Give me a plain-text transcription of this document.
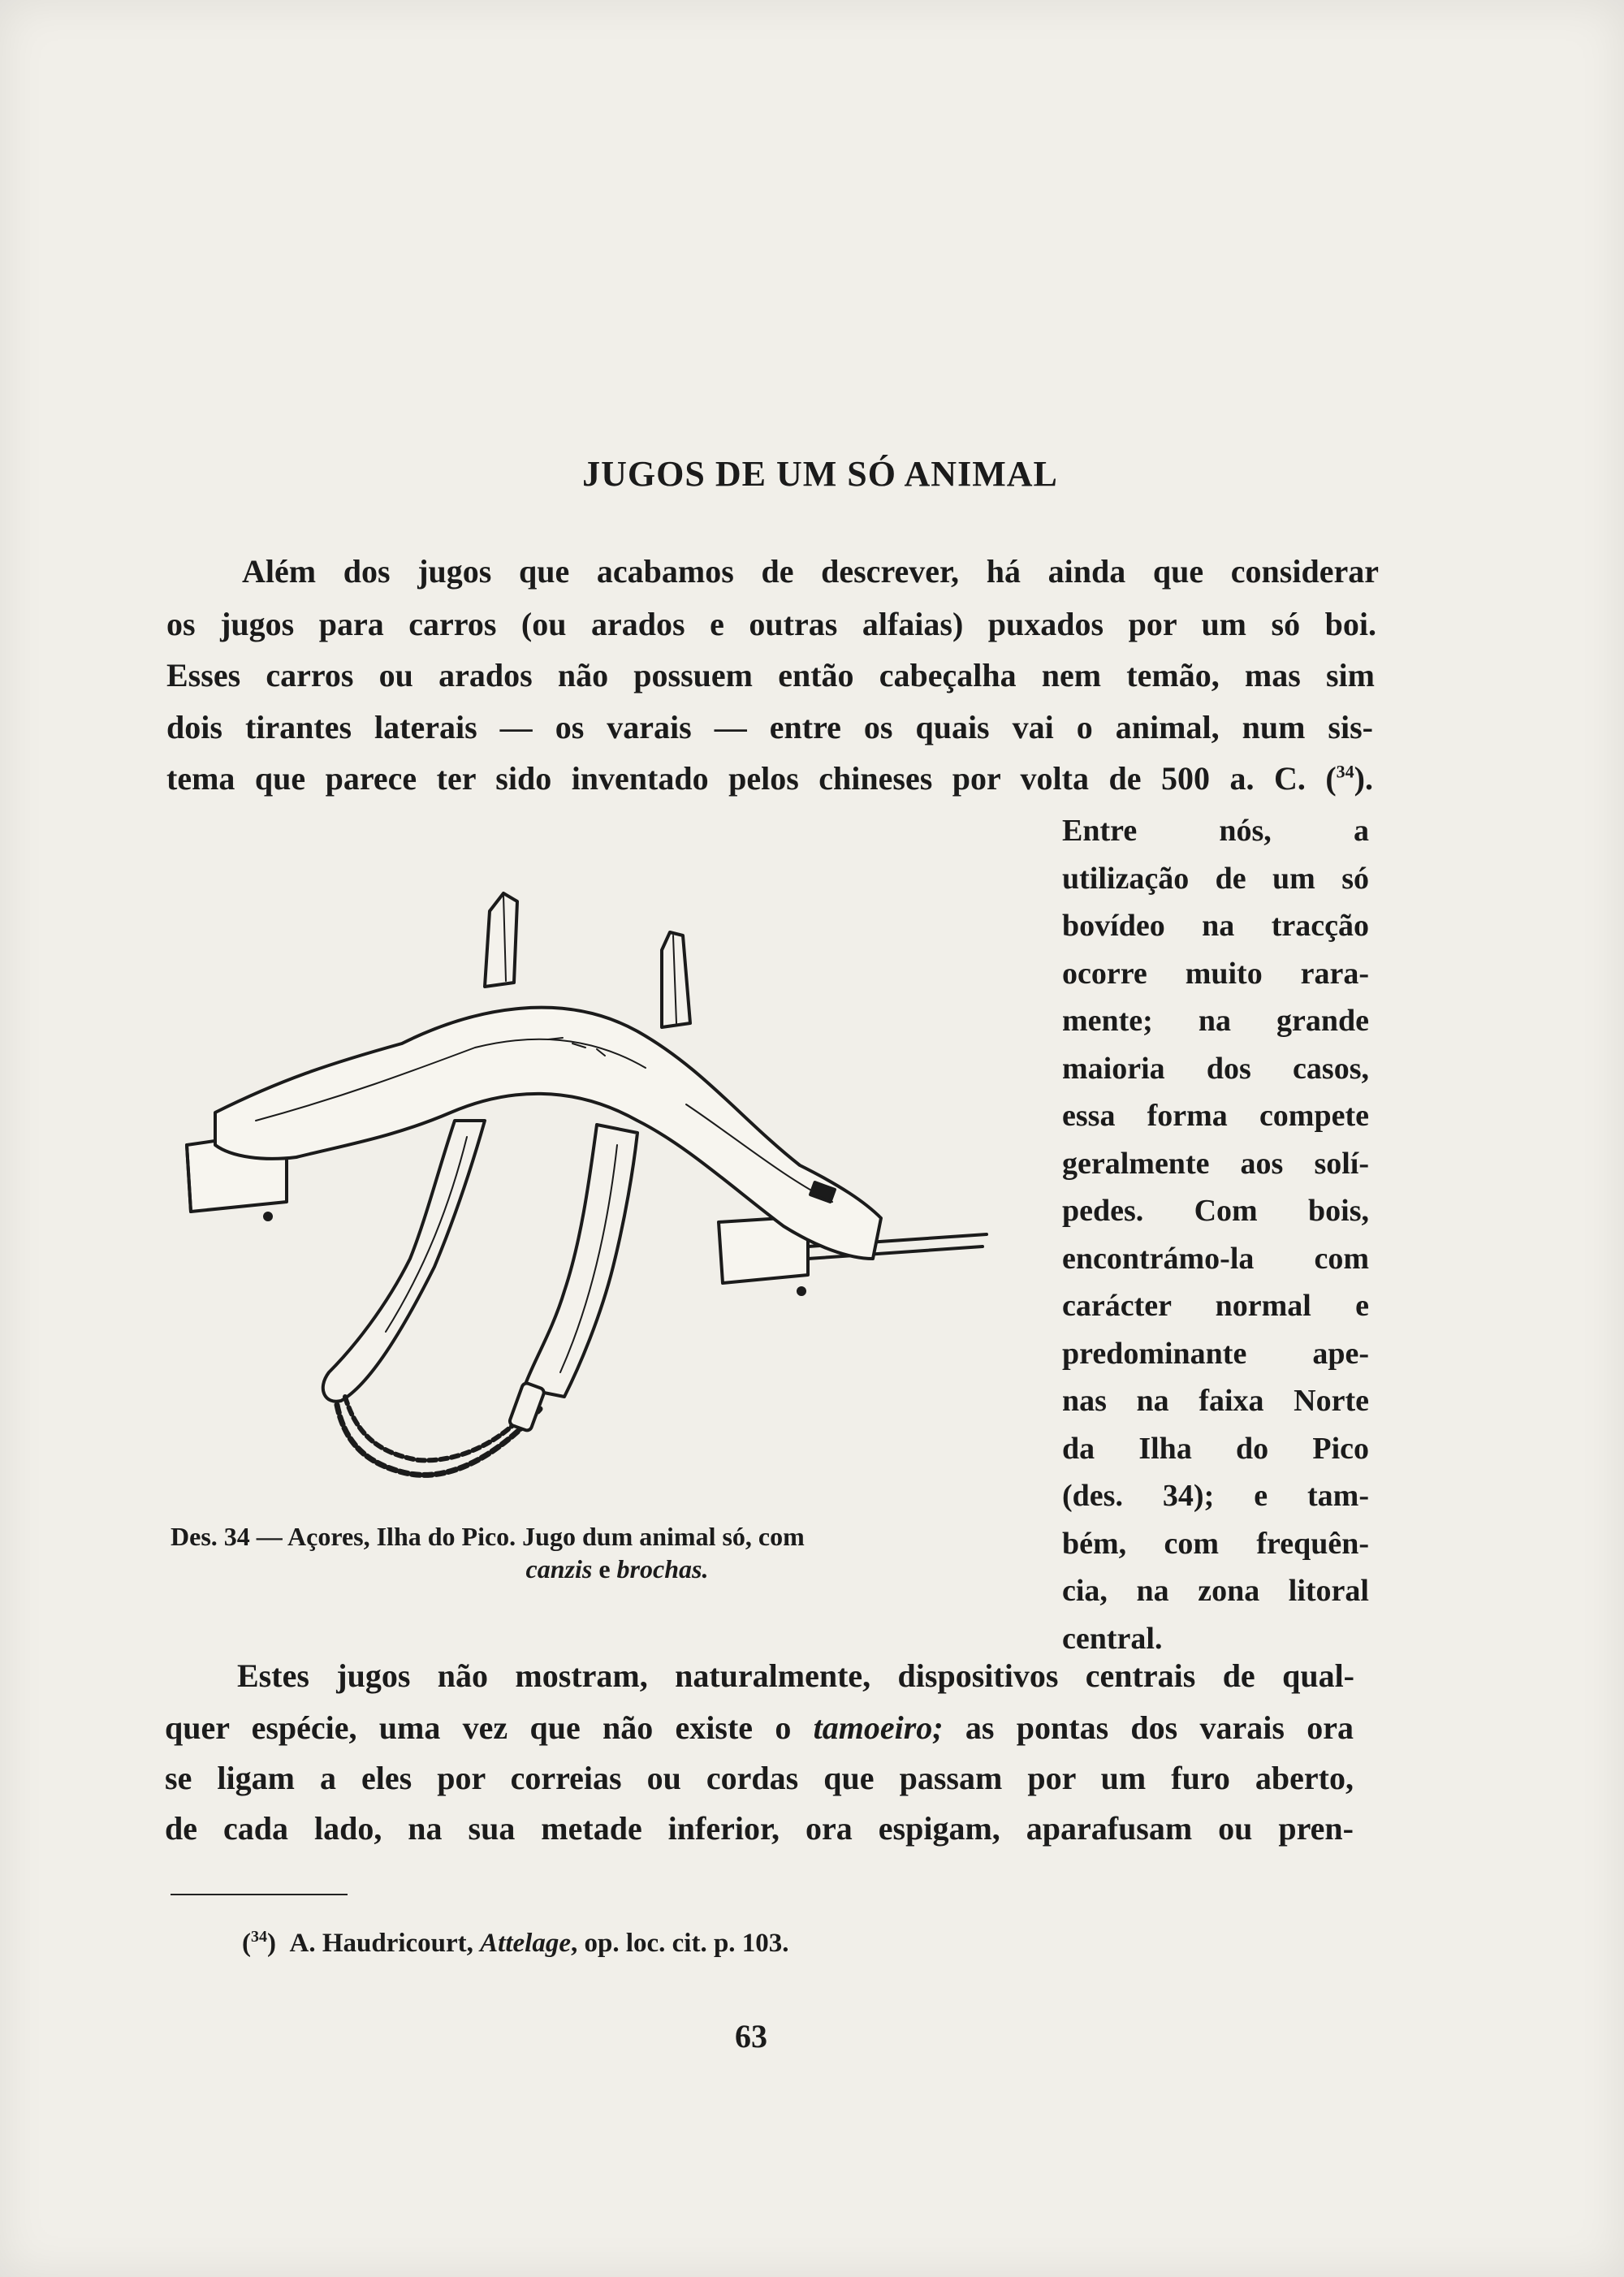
JUGOS DE UM SÓ ANIMAL
Além dos jugos que acabamos de descrever, há ainda que considerar
os jugos para carros (ou arados e outras alfaias) puxados por um só boi.
Esses carros ou arados não possuem então cabeçalha nem temão, mas sim
dois tirantes laterais — os varais — entre os quais vai o animal, num sis-
tema que parece ter sido inventado pelos chineses por volta de 500 a. C. ($^{34}$).
Entre nós, a
utilização de um só
bovídeo na tracção
ocorre muito rara-
mente; na grande
maioria dos casos,
essa forma compete
geralmente aos solí-
pedes. Com bois,
encontrámo-la com
carácter normal e
predominante ape-
nas na faixa Norte
da Ilha do Pico
(des. 34); e tam-
bém, com frequên-
cia, na zona litoral
central.
Des. 34 — Açores, Ilha do Pico. Jugo dum animal só, com
canzis e brochas.
Estes jugos não mostram, naturalmente, dispositivos centrais de qual-
quer espécie, uma vez que não existe o tamoeiro; as pontas dos varais ora
se ligam a eles por correias ou cordas que passam por um furo aberto,
de cada lado, na sua metade inferior, ora espigam, aparafusam ou pren-
($^{34}$)  A. Haudricourt, Attelage, op. loc. cit. p. 103.
63
